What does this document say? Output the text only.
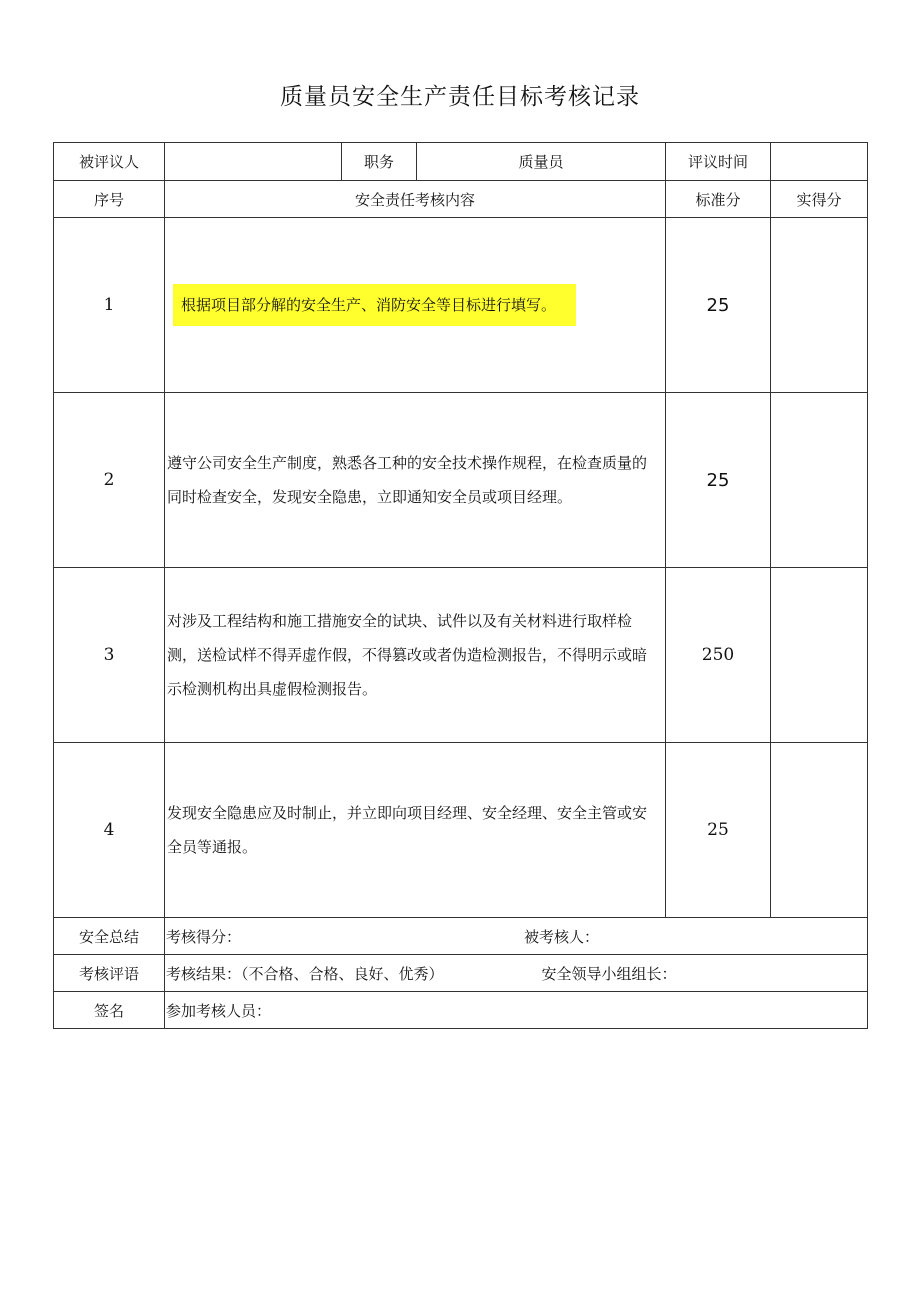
质量员安全生产责任目标考核记录
被评议人		职务	质量员	评议时间	
序号	安全责任考核内容			标准分	实得分
1	根据项目部分解的安全生产、消防安全等目标进行填写。			25	
2	遵守公司安全生产制度，熟悉各工种的安全技术操作规程，在检查质量的同时检查安全，发现安全隐患，立即通知安全员或项目经理。			25	
3	对涉及工程结构和施工措施安全的试块、试件以及有关材料进行取样检测，送检试样不得弄虚作假，不得篡改或者伪造检测报告，不得明示或暗示检测机构出具虚假检测报告。			250	
4	发现安全隐患应及时制止，并立即向项目经理、安全经理、安全主管或安全员等通报。			25	
安全总结	考核得分： 被考核人：				
考核评语	考核结果：（不合格、合格、良好、优秀） 安全领导小组组长：				
签名	参加考核人员：				
